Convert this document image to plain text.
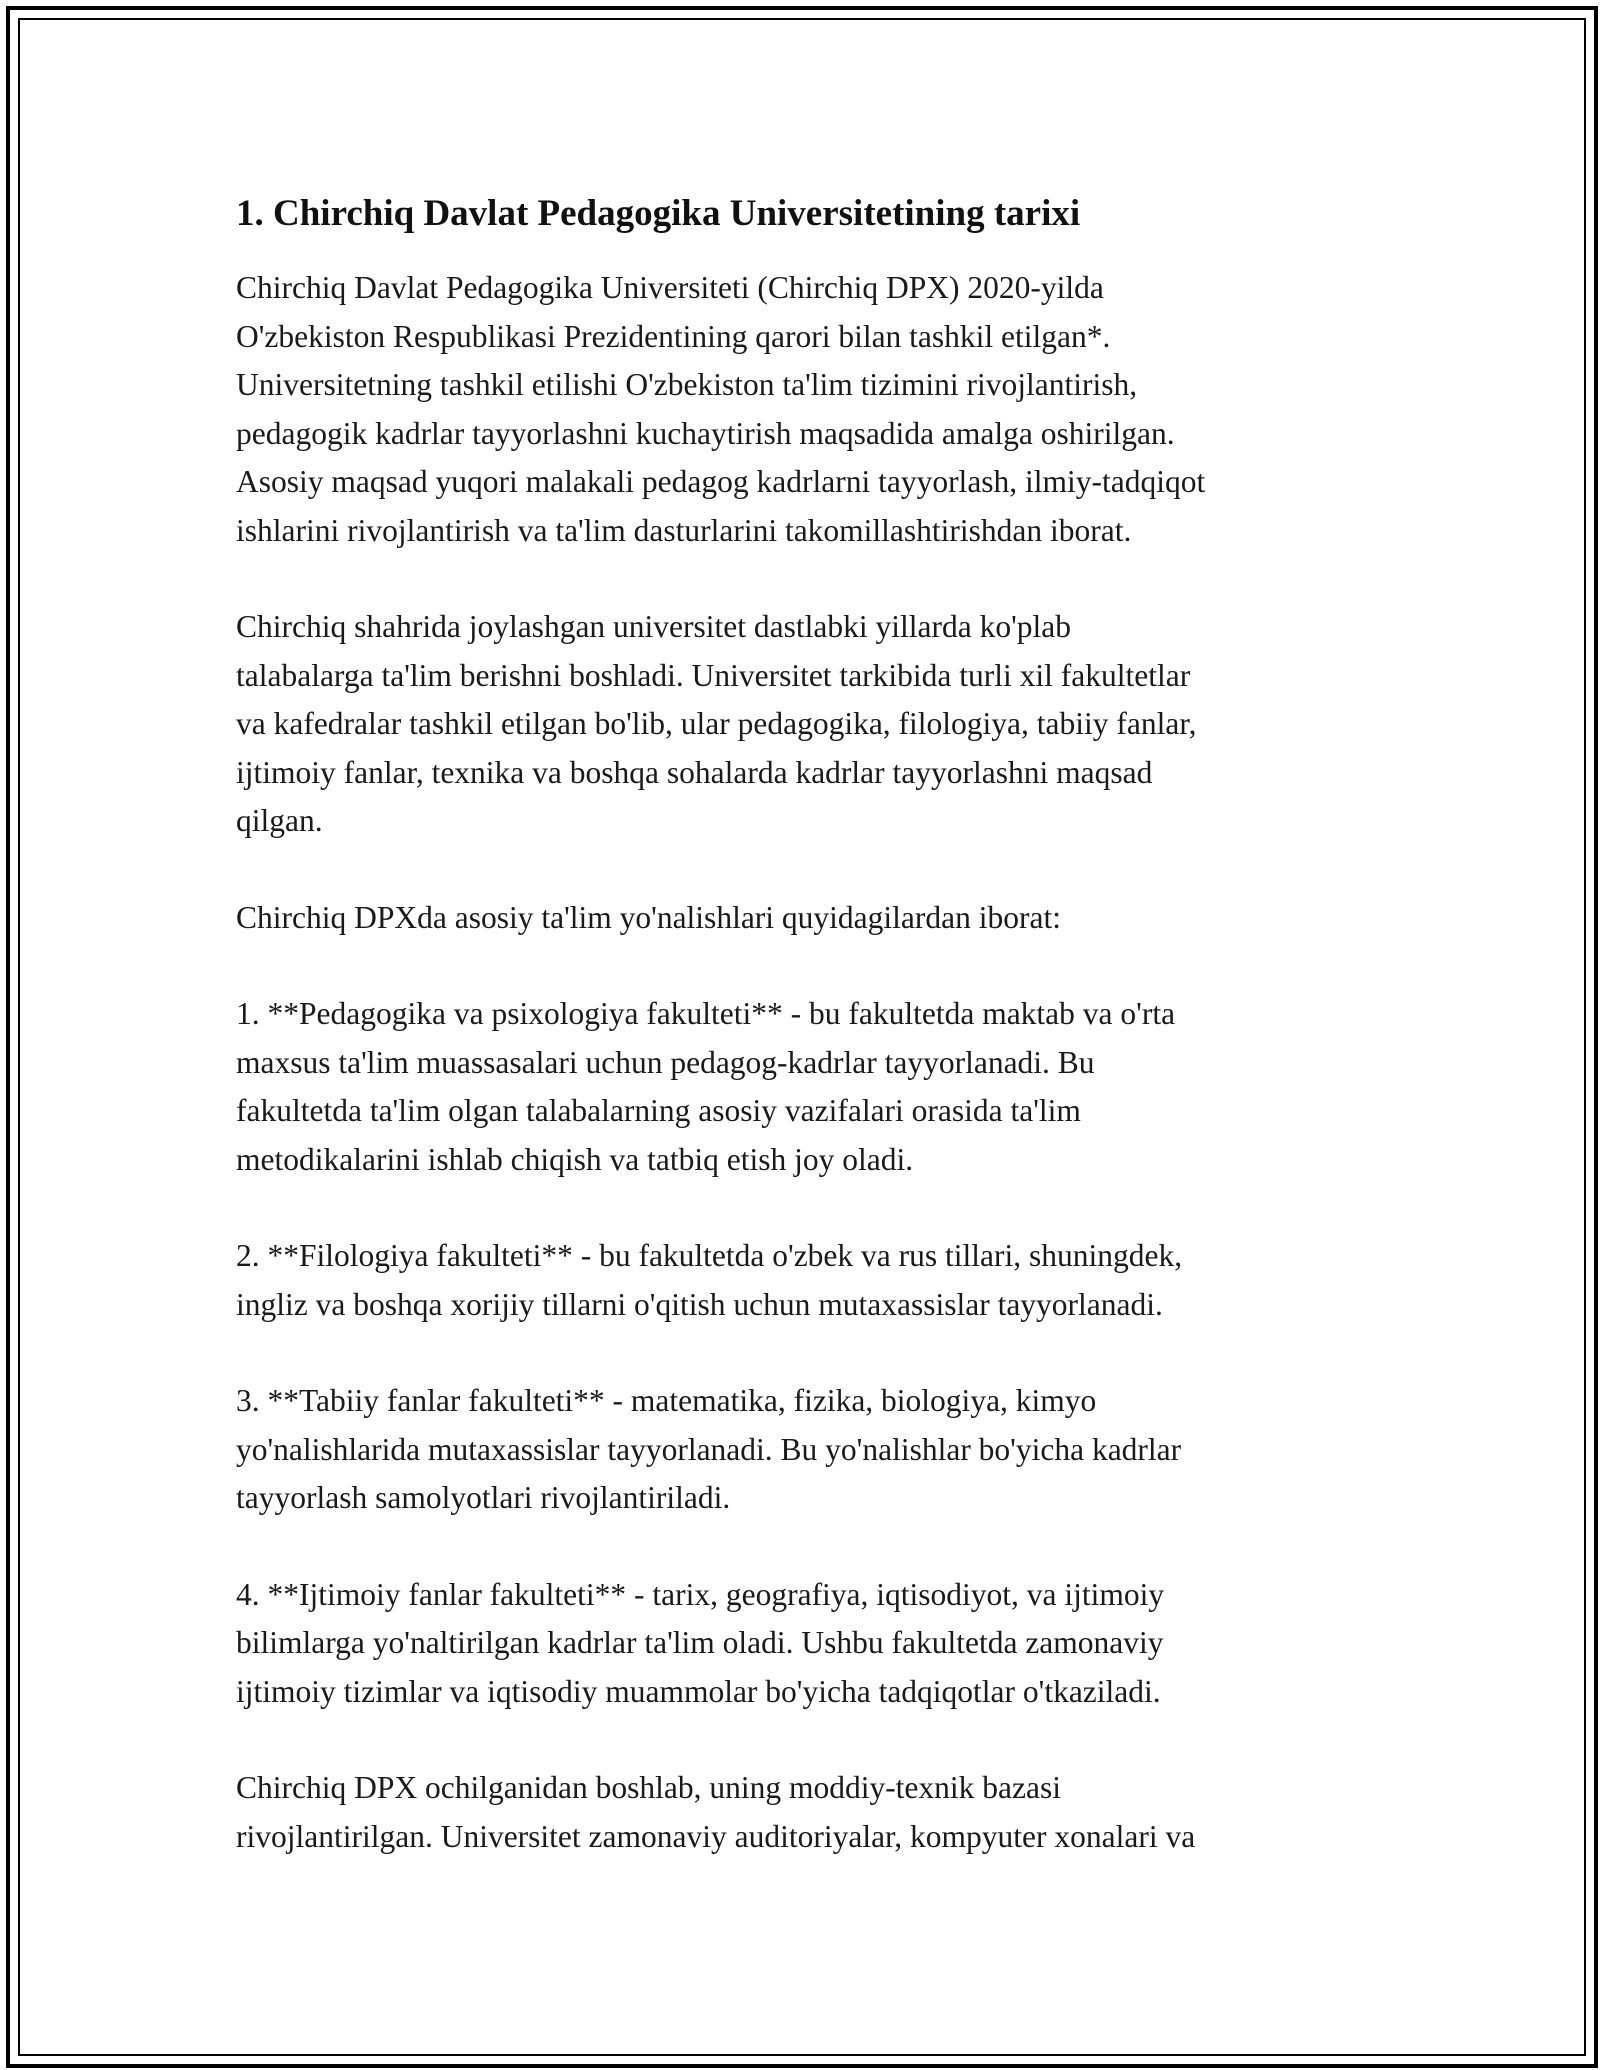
1. Chirchiq Davlat Pedagogika Universitetining tarixi

Chirchiq Davlat Pedagogika Universiteti (Chirchiq DPX) 2020-yilda
O'zbekiston Respublikasi Prezidentining qarori bilan tashkil etilgan*.
Universitetning tashkil etilishi O'zbekiston ta'lim tizimini rivojlantirish,
pedagogik kadrlar tayyorlashni kuchaytirish maqsadida amalga oshirilgan.
Asosiy maqsad yuqori malakali pedagog kadrlarni tayyorlash, ilmiy-tadqiqot
ishlarini rivojlantirish va ta'lim dasturlarini takomillashtirishdan iborat.

Chirchiq shahrida joylashgan universitet dastlabki yillarda ko'plab
talabalarga ta'lim berishni boshladi. Universitet tarkibida turli xil fakultetlar
va kafedralar tashkil etilgan bo'lib, ular pedagogika, filologiya, tabiiy fanlar,
ijtimoiy fanlar, texnika va boshqa sohalarda kadrlar tayyorlashni maqsad
qilgan.

Chirchiq DPXda asosiy ta'lim yo'nalishlari quyidagilardan iborat:

1. **Pedagogika va psixologiya fakulteti** - bu fakultetda maktab va o'rta
maxsus ta'lim muassasalari uchun pedagog-kadrlar tayyorlanadi. Bu
fakultetda ta'lim olgan talabalarning asosiy vazifalari orasida ta'lim
metodikalarini ishlab chiqish va tatbiq etish joy oladi.

2. **Filologiya fakulteti** - bu fakultetda o'zbek va rus tillari, shuningdek,
ingliz va boshqa xorijiy tillarni o'qitish uchun mutaxassislar tayyorlanadi.

3. **Tabiiy fanlar fakulteti** - matematika, fizika, biologiya, kimyo
yo'nalishlarida mutaxassislar tayyorlanadi. Bu yo'nalishlar bo'yicha kadrlar
tayyorlash samolyotlari rivojlantiriladi.

4. **Ijtimoiy fanlar fakulteti** - tarix, geografiya, iqtisodiyot, va ijtimoiy
bilimlarga yo'naltirilgan kadrlar ta'lim oladi. Ushbu fakultetda zamonaviy
ijtimoiy tizimlar va iqtisodiy muammolar bo'yicha tadqiqotlar o'tkaziladi.

Chirchiq DPX ochilganidan boshlab, uning moddiy-texnik bazasi
rivojlantirilgan. Universitet zamonaviy auditoriyalar, kompyuter xonalari va
